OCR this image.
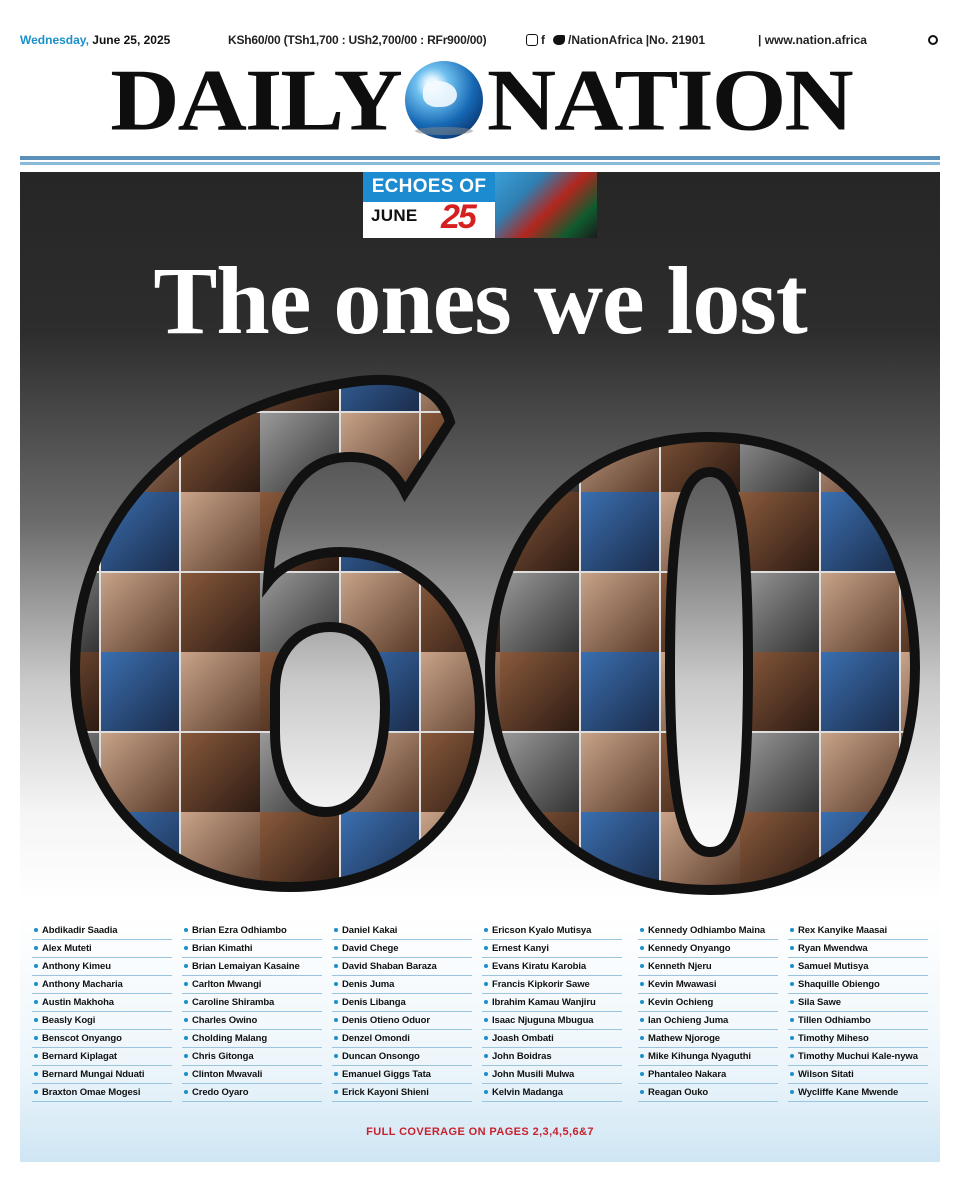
Wednesday, June 25, 2025	KSh60/00 (TSh1,700 : USh2,700/00 : RFr900/00)	f	/NationAfrica |No. 21901	| www.nation.africa
DAILY NATION
ECHOES OF
JUNE 25
The ones we lost
Abdikadir Saadia
Alex Muteti
Anthony Kimeu
Anthony Macharia
Austin Makhoha
Beasly Kogi
Benscot Onyango
Bernard Kiplagat
Bernard Mungai Nduati
Braxton Omae Mogesi
Brian Ezra Odhiambo
Brian Kimathi
Brian Lemaiyan Kasaine
Carlton Mwangi
Caroline Shiramba
Charles Owino
Cholding Malang
Chris Gitonga
Clinton Mwavali
Credo Oyaro
Daniel Kakai
David Chege
David Shaban Baraza
Denis Juma
Denis Libanga
Denis Otieno Oduor
Denzel Omondi
Duncan Onsongo
Emanuel Giggs Tata
Erick Kayoni Shieni
Ericson Kyalo Mutisya
Ernest Kanyi
Evans Kiratu Karobia
Francis Kipkorir Sawe
Ibrahim Kamau Wanjiru
Isaac Njuguna Mbugua
Joash Ombati
John Boidras
John Musili Mulwa
Kelvin Madanga
Kennedy Odhiambo Maina
Kennedy Onyango
Kenneth Njeru
Kevin Mwawasi
Kevin Ochieng
Ian Ochieng Juma
Mathew Njoroge
Mike Kihunga Nyaguthi
Phantaleo Nakara
Reagan Ouko
Rex Kanyike Maasai
Ryan Mwendwa
Samuel Mutisya
Shaquille Obiengo
Sila Sawe
Tillen Odhiambo
Timothy Miheso
Timothy Muchui Kale-nywa
Wilson Sitati
Wycliffe Kane Mwende
FULL COVERAGE ON PAGES 2,3,4,5,6&7
